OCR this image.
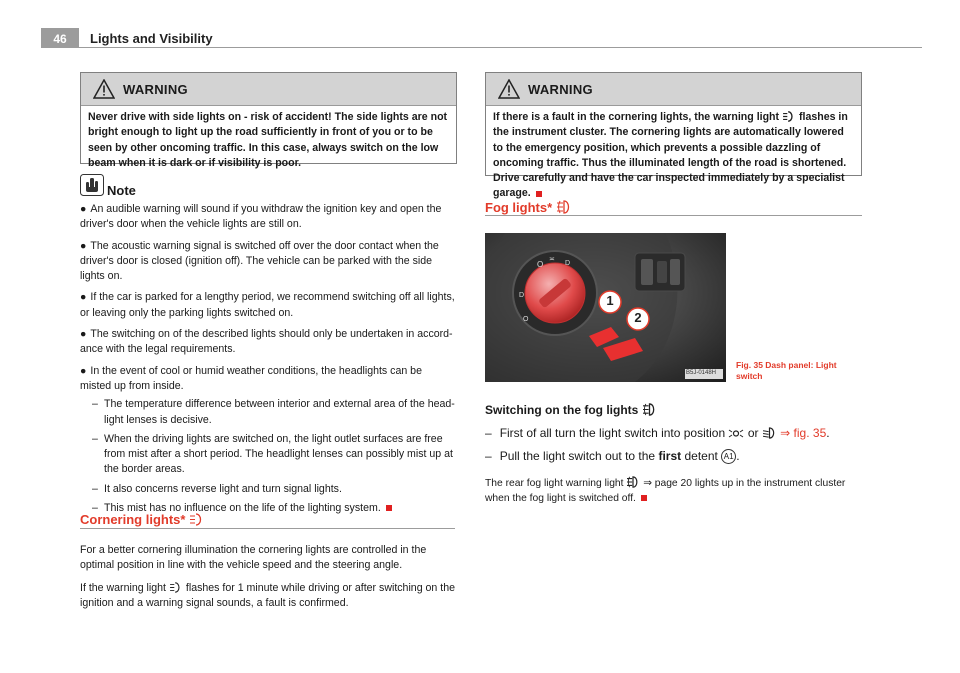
46	Lights and Visibility
WARNING
Never drive with side lights on - risk of accident! The side lights are not bright enough to light up the road sufficiently in front of you or to be seen by other oncoming traffic. In this case, always switch on the low beam when it is dark or if visibility is poor.
Note

● An audible warning will sound if you withdraw the ignition key and open the driver's door when the vehicle lights are still on.

● The acoustic warning signal is switched off over the door contact when the driver's door is closed (ignition off). The vehicle can be parked with the side lights on.

● If the car is parked for a lengthy period, we recommend switching off all lights, or leaving only the parking lights switched on.

● The switching on of the described lights should only be undertaken in accord-ance with the legal requirements.

● In the event of cool or humid weather conditions, the headlights can be misted up from inside.

– The temperature difference between interior and external area of the head-light lenses is decisive.

– When the driving lights are switched on, the light outlet surfaces are free from mist after a short period. The headlight lenses can possibly mist up at the border areas.

– It also concerns reverse light and turn signal lights.

– This mist has no influence on the life of the lighting system.

Cornering lights*

For a better cornering illumination the cornering lights are controlled in the optimal position in line with the vehicle speed and the steering angle.

If the warning light flashes for 1 minute while driving or after switching on the ignition and a warning signal sounds, a fault is confirmed.

WARNING
If there is a fault in the cornering lights, the warning light flashes in the instrument cluster. The cornering lights are automatically lowered to the emergency position, which prevents a possible dazzling of oncoming traffic. Thus the illuminated length of the road is shortened. Drive carefully and have the car inspected immediately by a specialist garage.
Fog lights*
O
≍
D
D
O
1
2
B5J-0148H
Fig. 35 Dash panel: Light
switch
Switching on the fog lights
– First of all turn the light switch into position or ⇒ fig. 35.
– Pull the light switch out to the first detent A1 .
The rear fog light warning light ⇒ page 20 lights up in the instrument cluster when the fog light is switched off.
